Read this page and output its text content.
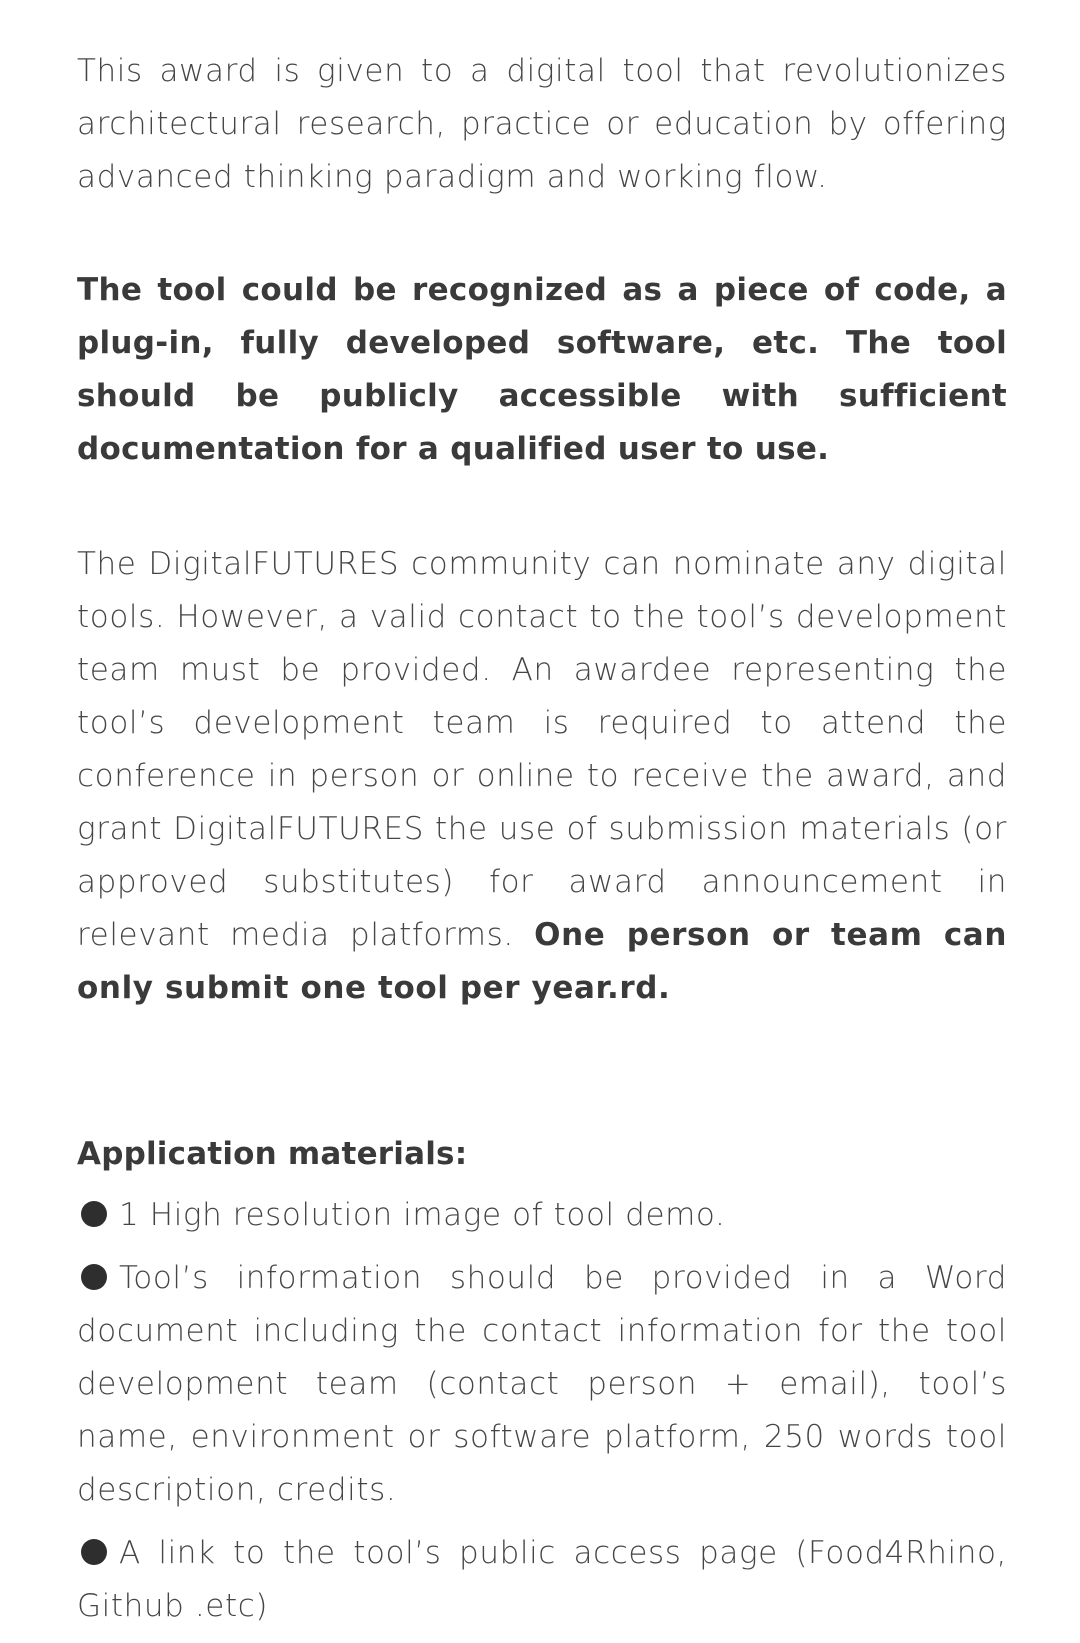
This award is given to a digital tool that revolutionizes architectural research, practice or education by offering advanced thinking paradigm and working flow.

The tool could be recognized as a piece of code, a plug-in, fully developed software, etc. The tool should be publicly accessible with sufficient documentation for a qualified user to use.

The DigitalFUTURES community can nominate any digital tools. However, a valid contact to the tool’s development team must be provided. An awardee representing the tool’s development team is required to attend the conference in person or online to receive the award, and grant DigitalFUTURES the use of submission materials (or approved substitutes) for award announcement in relevant media platforms. One person or team can only submit one tool per year.rd.

Application materials:
1 High resolution image of tool demo.
Tool’s information should be provided in a Word document including the contact information for the tool development team (contact person + email), tool’s name, environment or software platform, 250 words tool description, credits.
A link to the tool’s public access page (Food4Rhino, Github .etc)
